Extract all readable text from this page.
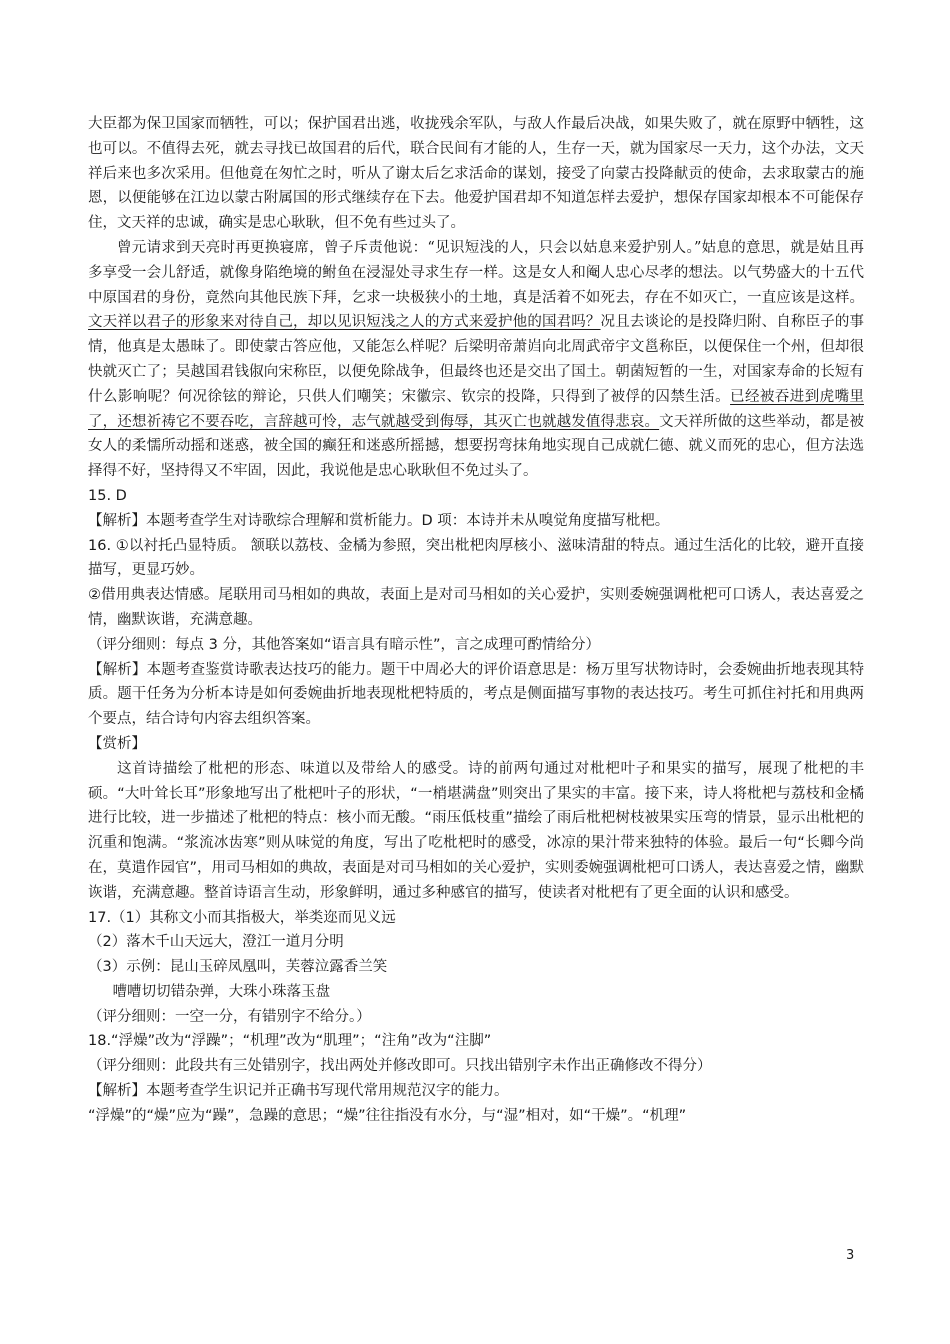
大臣都为保卫国家而牺牲，可以；保护国君出逃，收拢残余军队，与敌人作最后决战，如果失败了，就在原野中牺牲，这也可以。不值得去死，就去寻找已故国君的后代，联合民间有才能的人，生存一天，就为国家尽一天力，这个办法，文天祥后来也多次采用。但他竟在匆忙之时，听从了谢太后乞求活命的谋划，接受了向蒙古投降献贡的使命，去求取蒙古的施恩，以便能够在江边以蒙古附属国的形式继续存在下去。他爱护国君却不知道怎样去爱护，想保存国家却根本不可能保存住，文天祥的忠诚，确实是忠心耿耿，但不免有些过头了。

曾元请求到天亮时再更换寝席，曾子斥责他说：“见识短浅的人，只会以姑息来爱护别人。”姑息的意思，就是姑且再多享受一会儿舒适，就像身陷绝境的鲋鱼在浸湿处寻求生存一样。这是女人和阉人忠心尽孝的想法。以气势盛大的十五代中原国君的身份，竟然向其他民族下拜，乞求一块极狭小的土地，真是活着不如死去，存在不如灭亡，一直应该是这样。文天祥以君子的形象来对待自己，却以见识短浅之人的方式来爱护他的国君吗？况且去谈论的是投降归附、自称臣子的事情，他真是太愚昧了。即使蒙古答应他，又能怎么样呢？后梁明帝萧岿向北周武帝宇文邕称臣，以便保住一个州，但却很快就灭亡了；吴越国君钱俶向宋称臣，以便免除战争，但最终也还是交出了国土。朝菌短暂的一生，对国家寿命的长短有什么影响呢？何况徐铉的辩论，只供人们嘲笑；宋徽宗、钦宗的投降，只得到了被俘的囚禁生活。已经被吞进到虎嘴里了，还想祈祷它不要吞吃，言辞越可怜，志气就越受到侮辱，其灭亡也就越发值得悲哀。文天祥所做的这些举动，都是被女人的柔懦所动摇和迷惑，被全国的癫狂和迷惑所摇撼，想要拐弯抹角地实现自己成就仁德、就义而死的忠心，但方法选择得不好，坚持得又不牢固，因此，我说他是忠心耿耿但不免过头了。

15. D

【解析】本题考查学生对诗歌综合理解和赏析能力。D 项：本诗并未从嗅觉角度描写枇杷。

16. ①以衬托凸显特质。 颔联以荔枝、金橘为参照，突出枇杷肉厚核小、滋味清甜的特点。通过生活化的比较，避开直接描写，更显巧妙。

②借用典表达情感。尾联用司马相如的典故，表面上是对司马相如的关心爱护，实则委婉强调枇杷可口诱人，表达喜爱之情，幽默诙谐，充满意趣。

（评分细则：每点 3 分，其他答案如“语言具有暗示性”，言之成理可酌情给分）

【解析】本题考查鉴赏诗歌表达技巧的能力。题干中周必大的评价语意思是：杨万里写状物诗时，会委婉曲折地表现其特质。题干任务为分析本诗是如何委婉曲折地表现枇杷特质的，考点是侧面描写事物的表达技巧。考生可抓住衬托和用典两个要点，结合诗句内容去组织答案。

【赏析】

这首诗描绘了枇杷的形态、味道以及带给人的感受。诗的前两句通过对枇杷叶子和果实的描写，展现了枇杷的丰硕。“大叶耸长耳”形象地写出了枇杷叶子的形状，“一梢堪满盘”则突出了果实的丰富。接下来，诗人将枇杷与荔枝和金橘进行比较，进一步描述了枇杷的特点：核小而无酸。“雨压低枝重”描绘了雨后枇杷树枝被果实压弯的情景，显示出枇杷的沉重和饱满。“浆流冰齿寒”则从味觉的角度，写出了吃枇杷时的感受，冰凉的果汁带来独特的体验。最后一句“长卿今尚在，莫遣作园官”，用司马相如的典故，表面是对司马相如的关心爱护，实则委婉强调枇杷可口诱人，表达喜爱之情，幽默诙谐，充满意趣。整首诗语言生动，形象鲜明，通过多种感官的描写，使读者对枇杷有了更全面的认识和感受。

17.（1）其称文小而其指极大，举类迩而见义远

（2）落木千山天远大，澄江一道月分明

（3）示例：昆山玉碎凤凰叫，芙蓉泣露香兰笑

嘈嘈切切错杂弹，大珠小珠落玉盘

（评分细则：一空一分，有错别字不给分。）

18.“浮燥”改为“浮躁”；“机理”改为“肌理”；“注角”改为“注脚”

（评分细则：此段共有三处错别字，找出两处并修改即可。只找出错别字未作出正确修改不得分）

【解析】本题考查学生识记并正确书写现代常用规范汉字的能力。

“浮燥”的“燥”应为“躁”，急躁的意思；“燥”往往指没有水分，与“湿”相对，如“干燥”。“机理”

3
